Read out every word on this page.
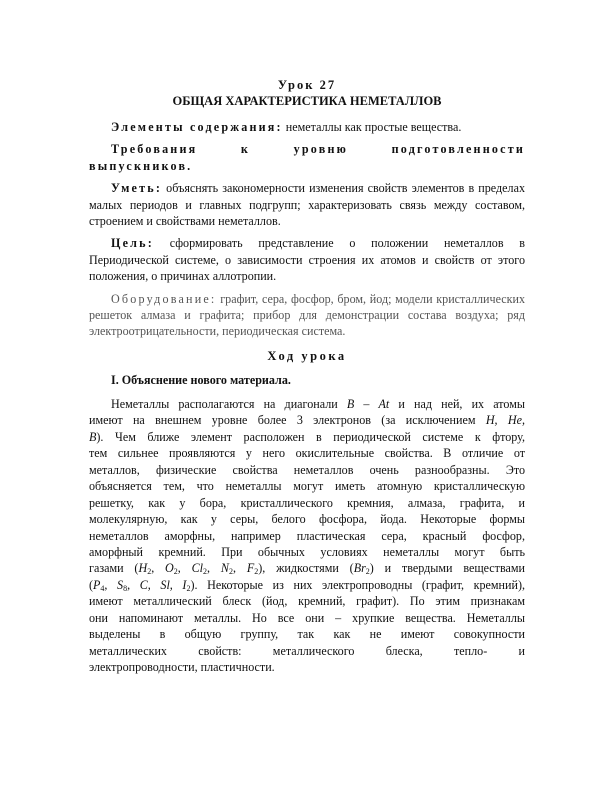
Урок 27
ОБЩАЯ ХАРАКТЕРИСТИКА НЕМЕТАЛЛОВ

Элементы содержания: неметаллы как простые вещества.

Требования к уровню подготовленности

выпускников.

Уметь: объяснять закономерности изменения свойств элементов в пределах малых периодов и главных подгрупп; характеризовать связь между составом, строением и свойствами неметаллов.

Цель: сформировать представление о положении неметаллов в Периодической системе, о зависимости строения их атомов и свойств от этого положения, о причинах аллотропии.

Оборудование: графит, сера, фосфор, бром, йод; модели кристаллических решеток алмаза и графита; прибор для демонстрации состава воздуха; ряд электроотрицательности, периодическая система.

Ход урока
I. Объяснение нового материала.

Неметаллы располагаются на диагонали B – At и над ней, их атомы
имеют на внешнем уровне более 3 электронов (за исключением H, He,
B). Чем ближе элемент расположен в периодической системе к фтору,
тем сильнее проявляются у него окислительные свойства. В отличие от
металлов, физические свойства неметаллов очень разнообразны. Это
объясняется тем, что неметаллы могут иметь атомную кристаллическую
решетку, как у бора, кристаллического кремния, алмаза, графита, и
молекулярную, как у серы, белого фосфора, йода. Некоторые формы
неметаллов аморфны, например пластическая сера, красный фосфор,
аморфный кремний. При обычных условиях неметаллы могут быть
газами ($H_2$, $O_2$, $Cl_2$, $N_2$, $F_2$), жидкостями $(Br_2)$ и твердыми веществами
($P_4$, $S_8$, C, Sl, $I_2$). Некоторые из них электропроводны (графит, кремний),
имеют металлический блеск (йод, кремний, графит). По этим признакам
они напоминают металлы. Но все они – хрупкие вещества. Неметаллы
выделены в общую группу, так как не имеют совокупности
металлических свойств: металлического блеска, тепло- и
электропроводности, пластичности.
